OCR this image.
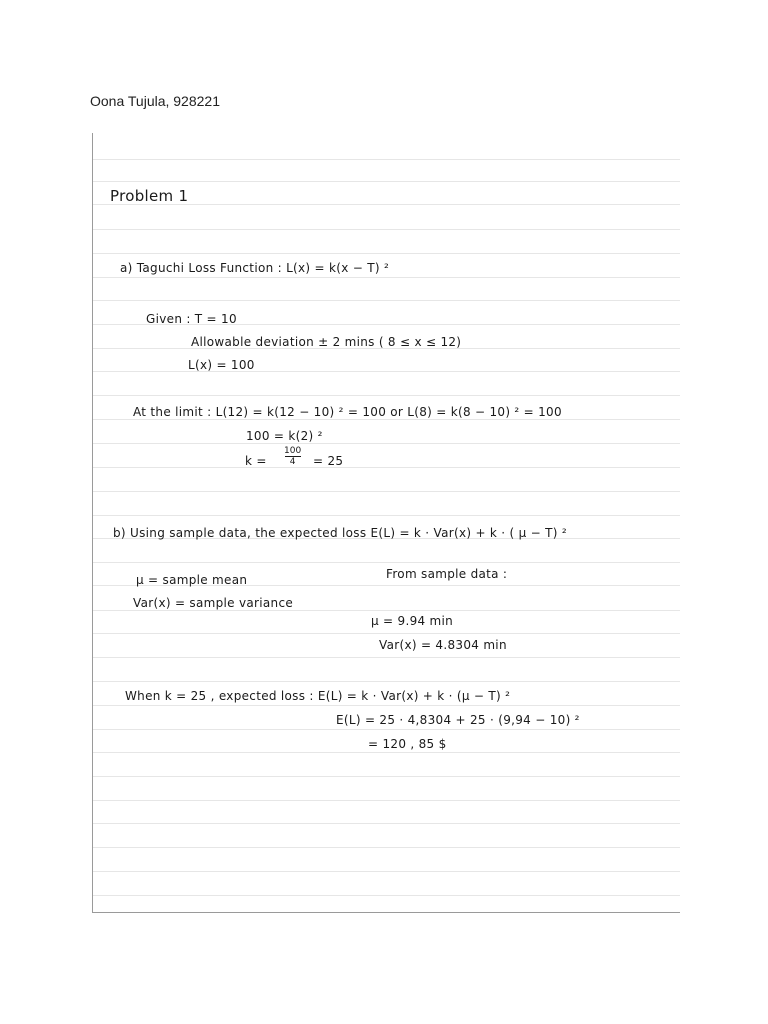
Oona Tujula, 928221
Problem 1
a) Taguchi Loss Function : L(x) = k(x − T) ²
Given : T = 10
Allowable deviation ± 2 mins ( 8 ≤ x ≤ 12)
L(x) = 100
At the limit : L(12) = k(12 − 10) ² = 100 or L(8) = k(8 − 10) ² = 100
100 = k(2) ²
k =
100
4 = 25
b) Using sample data, the expected loss E(L) = k · Var(x) + k · ( μ − T) ²
From sample data :
μ = sample mean
Var(x) = sample variance
μ = 9.94 min
Var(x) = 4.8304 min
When k = 25 , expected loss : E(L) = k · Var(x) + k · (μ − T) ²
E(L) = 25 · 4,8304 + 25 · (9,94 − 10) ²
= 120 , 85 $
